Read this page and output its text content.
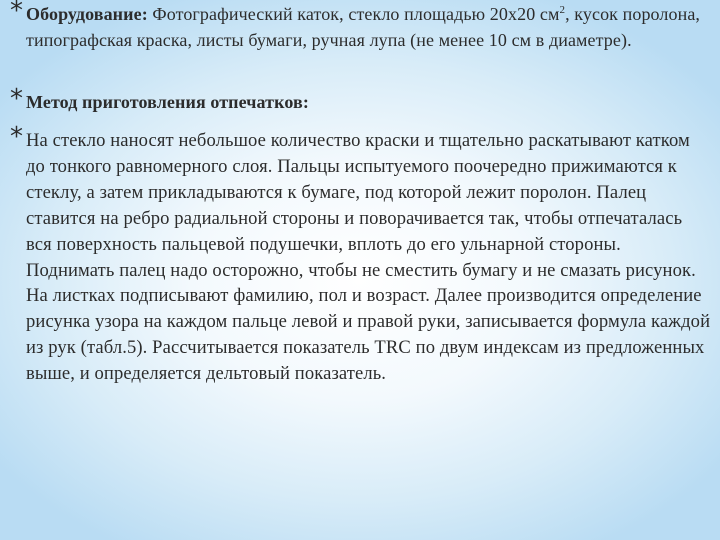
* Оборудование: Фотографический каток, стекло площадью 20х20 $см^2$, кусок поролона, типографская краска, листы бумаги, ручная лупа (не менее 10 см в диаметре).
* Метод приготовления отпечатков:
* На стекло наносят небольшое количество краски и тщательно раскатывают катком до тонкого равномерного слоя. Пальцы испытуемого поочередно прижимаются к стеклу, а затем прикладываются к бумаге, под которой лежит поролон. Палец ставится на ребро радиальной стороны и поворачивается так, чтобы отпечаталась вся поверхность пальцевой подушечки, вплоть до его ульнарной стороны. Поднимать палец надо осторожно, чтобы не сместить бумагу и не смазать рисунок. На листках подписывают фамилию, пол и возраст. Далее производится определение рисунка узора на каждом пальце левой и правой руки, записывается формула каждой из рук (табл.5). Рассчитывается показатель TRC по двум индексам из предложенных выше, и определяется дельтовый показатель.
